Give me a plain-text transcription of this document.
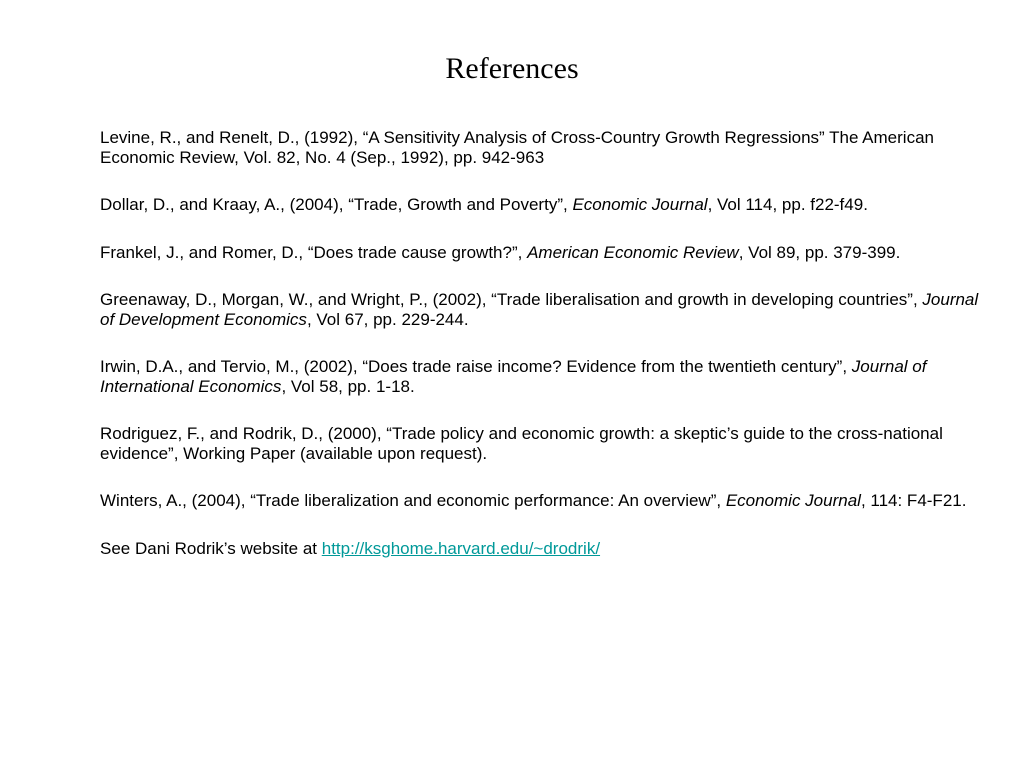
References

Levine, R., and Renelt, D., (1992), “A Sensitivity Analysis of Cross-Country Growth Regressions” The American Economic Review, Vol. 82, No. 4 (Sep., 1992), pp. 942-963

Dollar, D., and Kraay, A., (2004), “Trade, Growth and Poverty”, Economic Journal, Vol 114, pp. f22-f49.

Frankel, J., and Romer, D., “Does trade cause growth?”, American Economic Review, Vol 89, pp. 379-399.

Greenaway, D., Morgan, W., and Wright, P., (2002), “Trade liberalisation and growth in developing countries”, Journal of Development Economics, Vol 67, pp. 229-244.

Irwin, D.A., and Tervio, M., (2002), “Does trade raise income? Evidence from the twentieth century”, Journal of International Economics, Vol 58, pp. 1-18.

Rodriguez, F., and Rodrik, D., (2000), “Trade policy and economic growth: a skeptic’s guide to the cross-national evidence”, Working Paper (available upon request).

Winters, A., (2004), “Trade liberalization and economic performance: An overview”, Economic Journal, 114: F4-F21.

See Dani Rodrik’s website at http://ksghome.harvard.edu/~drodrik/
